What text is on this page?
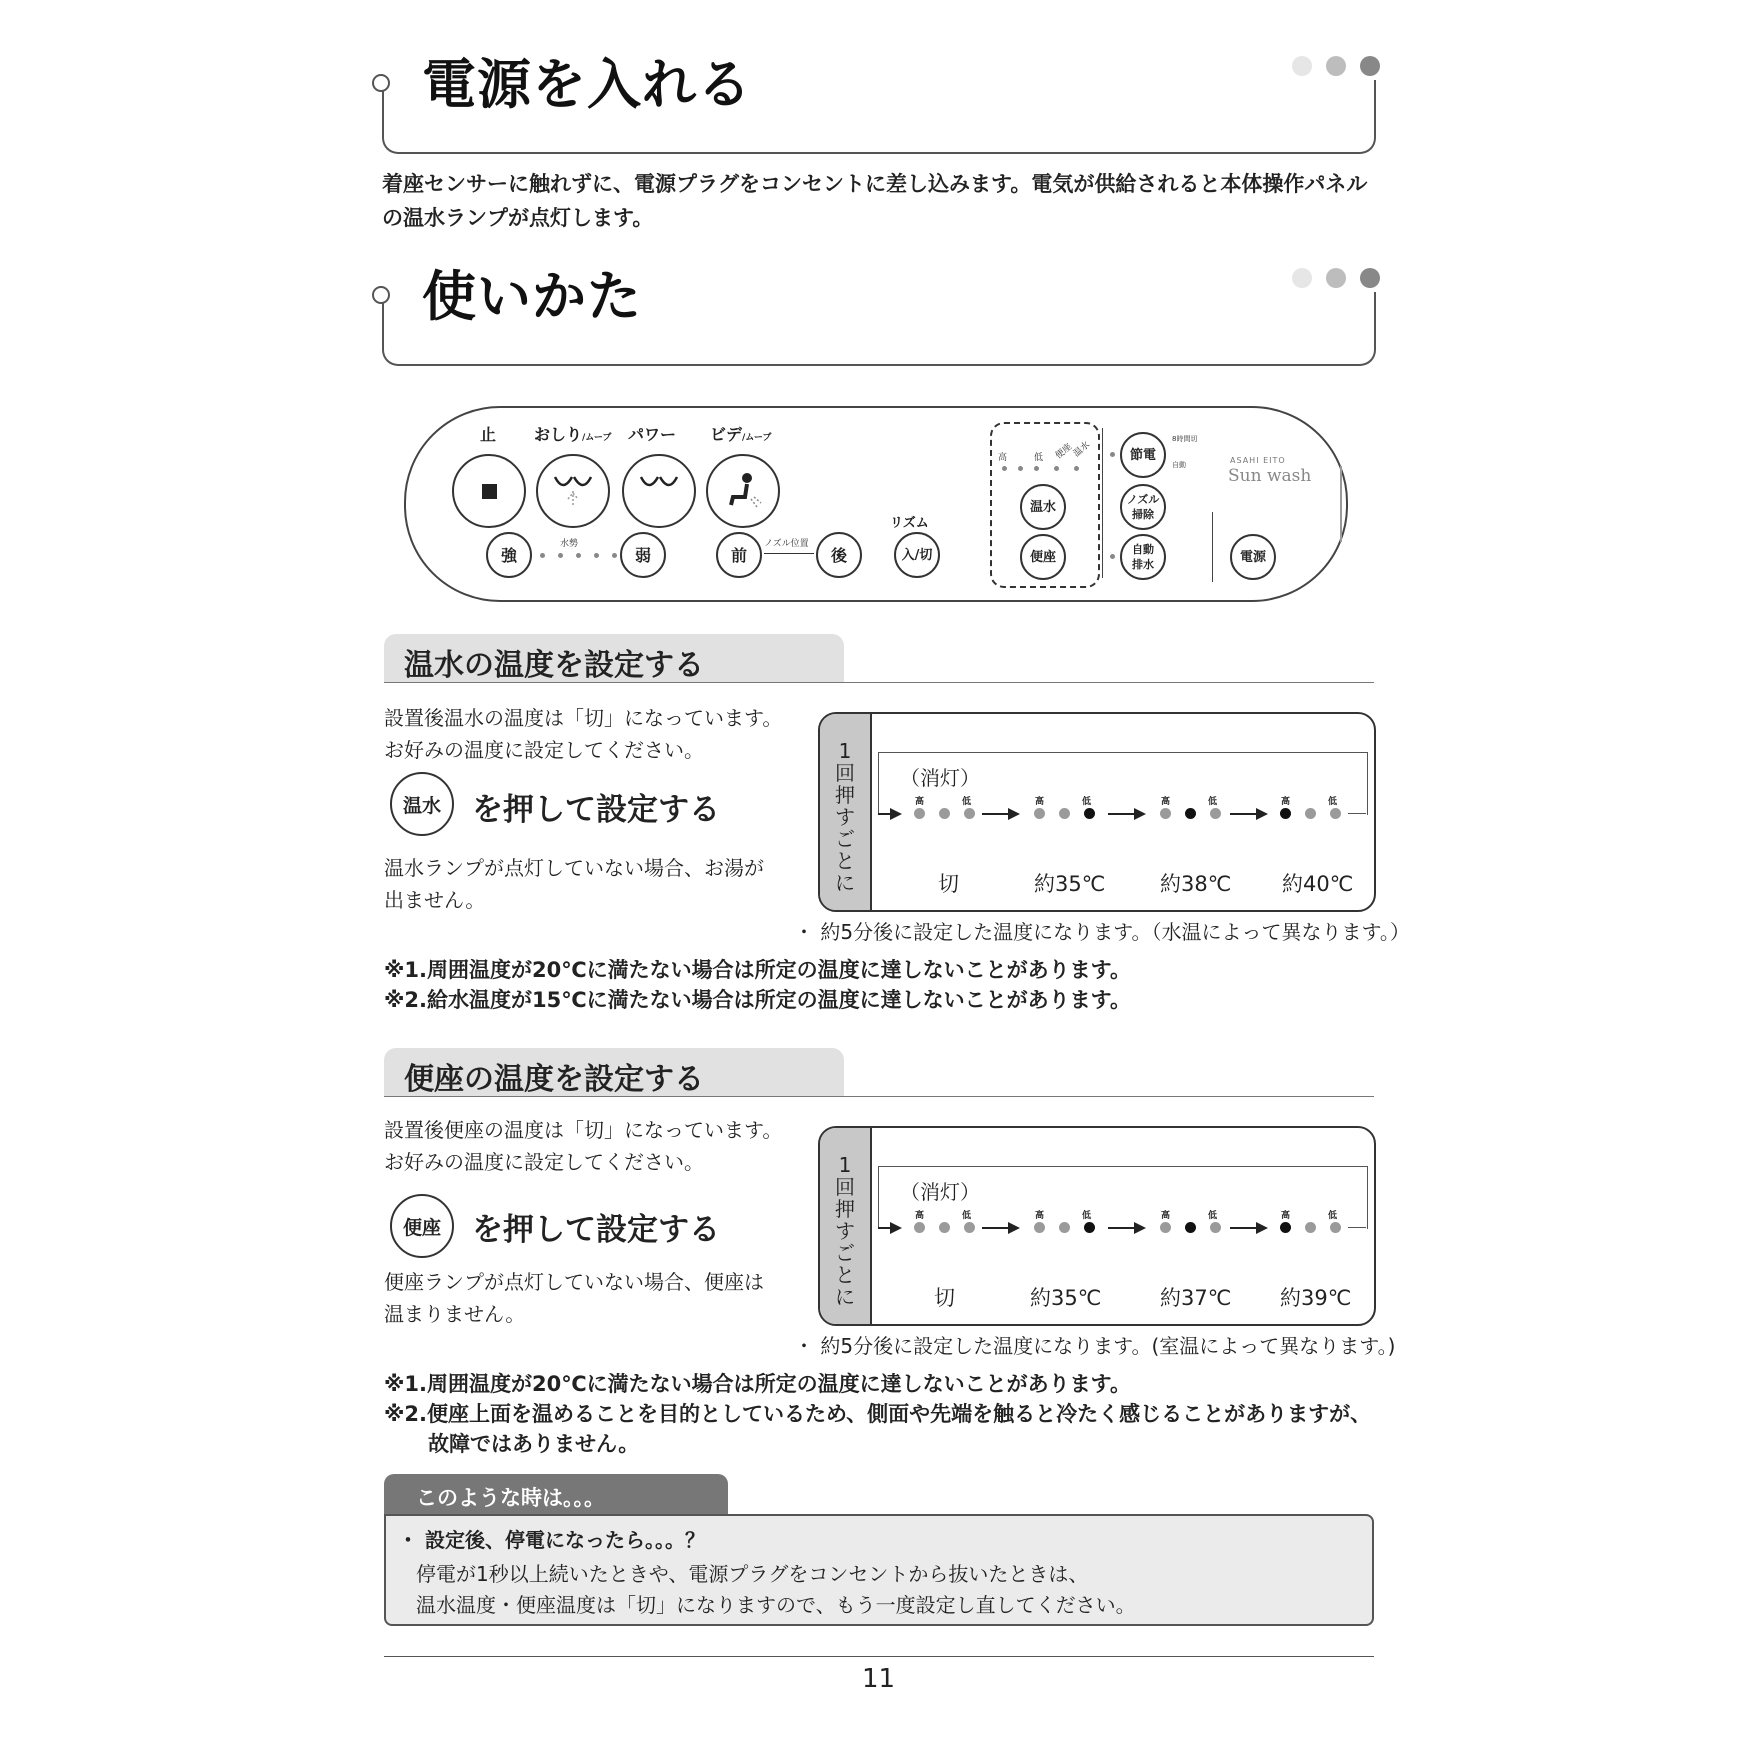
電源を入れる
着座センサーに触れずに、電源プラグをコンセントに差し込みます。電気が供給されると本体操作パネル
の温水ランプが点灯します。
使いかた
止 おしり/ムーブ パワー ビデ/ムーブ
強
水勢
弱	前
ノズル位置
後
リズム
入/切
高	低 便座
温水
温水
便座
節電
8時間切
自動
ノズル
掃除
自動
排水
ASAHI EITO
Sun wash
電源
温水の温度を設定する
設置後温水の温度は「切」になっています。
お好みの温度に設定してください。
温水	を押して設定する
温水ランプが点灯していない場合、お湯が
出ません。
1回押すごとに
（消灯）
高	低	高	低	高	低	高	低
切	約35℃	約38℃ 約40℃
・ 約5分後に設定した温度になります。（水温によって異なります。）
※1.周囲温度が20℃に満たない場合は所定の温度に達しないことがあります。
※2.給水温度が15℃に満たない場合は所定の温度に達しないことがあります。
便座の温度を設定する
設置後便座の温度は「切」になっています。
お好みの温度に設定してください。
便座	を押して設定する
便座ランプが点灯していない場合、便座は
温まりません。
1回押すごとに
（消灯）
高	低	高	低	高	低	高	低
切	約35℃	約37℃ 約39℃
・ 約5分後に設定した温度になります。(室温によって異なります。)
※1.周囲温度が20℃に満たない場合は所定の温度に達しないことがあります。
※2.便座上面を温めることを目的としているため、側面や先端を触ると冷たく感じることがありますが、
故障ではありません。
このような時は。。。
・ 設定後、停電になったら。。。？
停電が1秒以上続いたときや、電源プラグをコンセントから抜いたときは、
温水温度・便座温度は「切」になりますので、もう一度設定し直してください。
11
